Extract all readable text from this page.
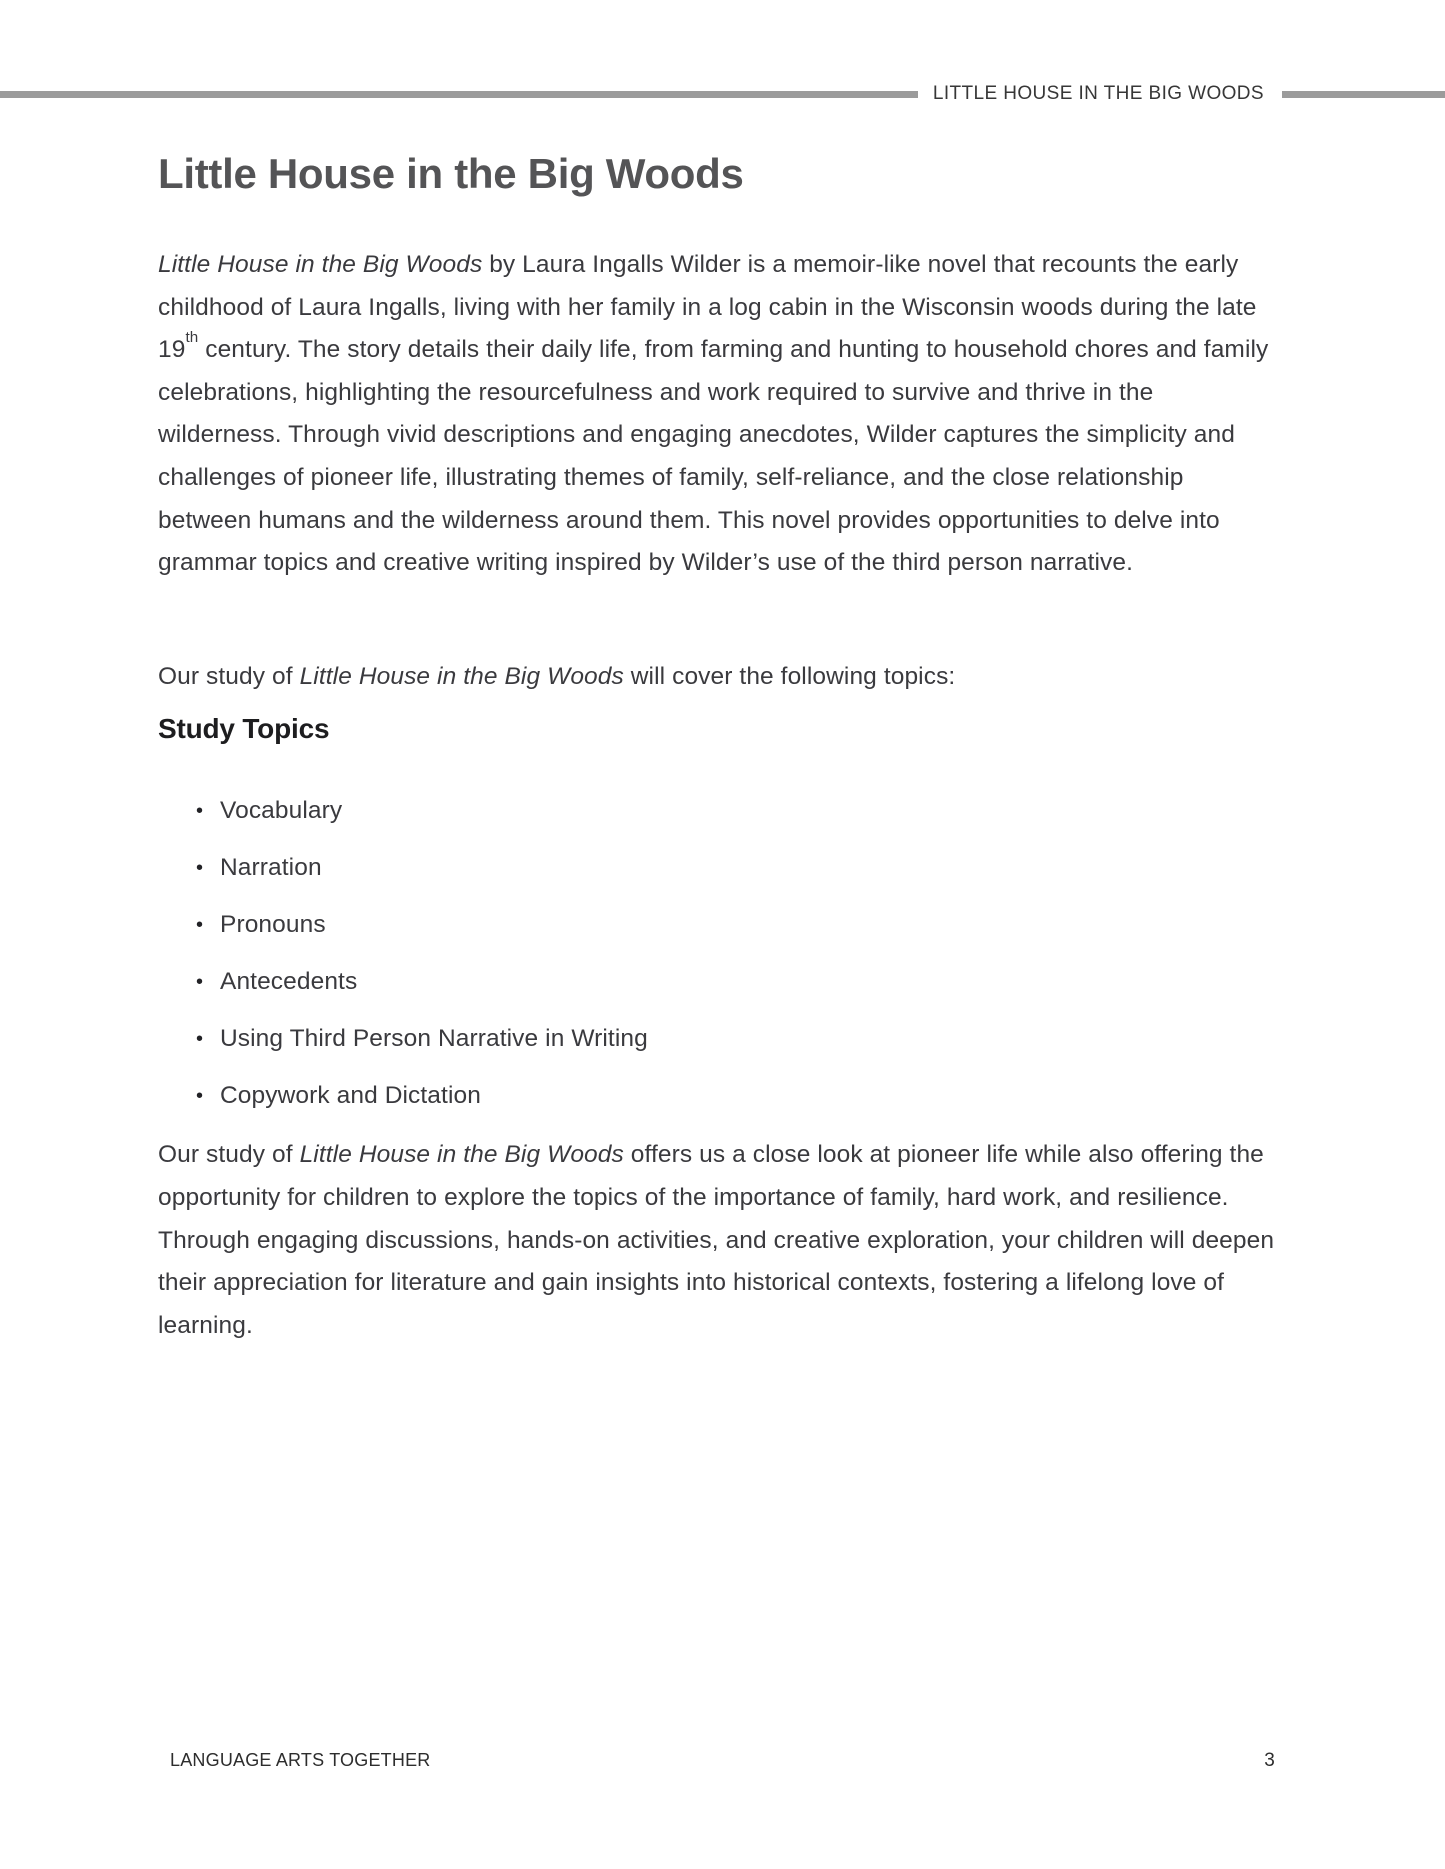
LITTLE HOUSE IN THE BIG WOODS
Little House in the Big Woods

Little House in the Big Woods by Laura Ingalls Wilder is a memoir-like novel that recounts the early childhood of Laura Ingalls, living with her family in a log cabin in the Wisconsin woods during the late 19th century. The story details their daily life, from farming and hunting to household chores and family celebrations, highlighting the resourcefulness and work required to survive and thrive in the wilderness. Through vivid descriptions and engaging anecdotes, Wilder captures the simplicity and challenges of pioneer life, illustrating themes of family, self-reliance, and the close relationship between humans and the wilderness around them. This novel provides opportunities to delve into grammar topics and creative writing inspired by Wilder’s use of the third person narrative.

Our study of Little House in the Big Woods will cover the following topics:

Study Topics
• Vocabulary
• Narration
• Pronouns
• Antecedents
• Using Third Person Narrative in Writing
• Copywork and Dictation

Our study of Little House in the Big Woods offers us a close look at pioneer life while also offering the opportunity for children to explore the topics of the importance of family, hard work, and resilience. Through engaging discussions, hands-on activities, and creative exploration, your children will deepen their appreciation for literature and gain insights into historical contexts, fostering a lifelong love of learning.

LANGUAGE ARTS TOGETHER	3
